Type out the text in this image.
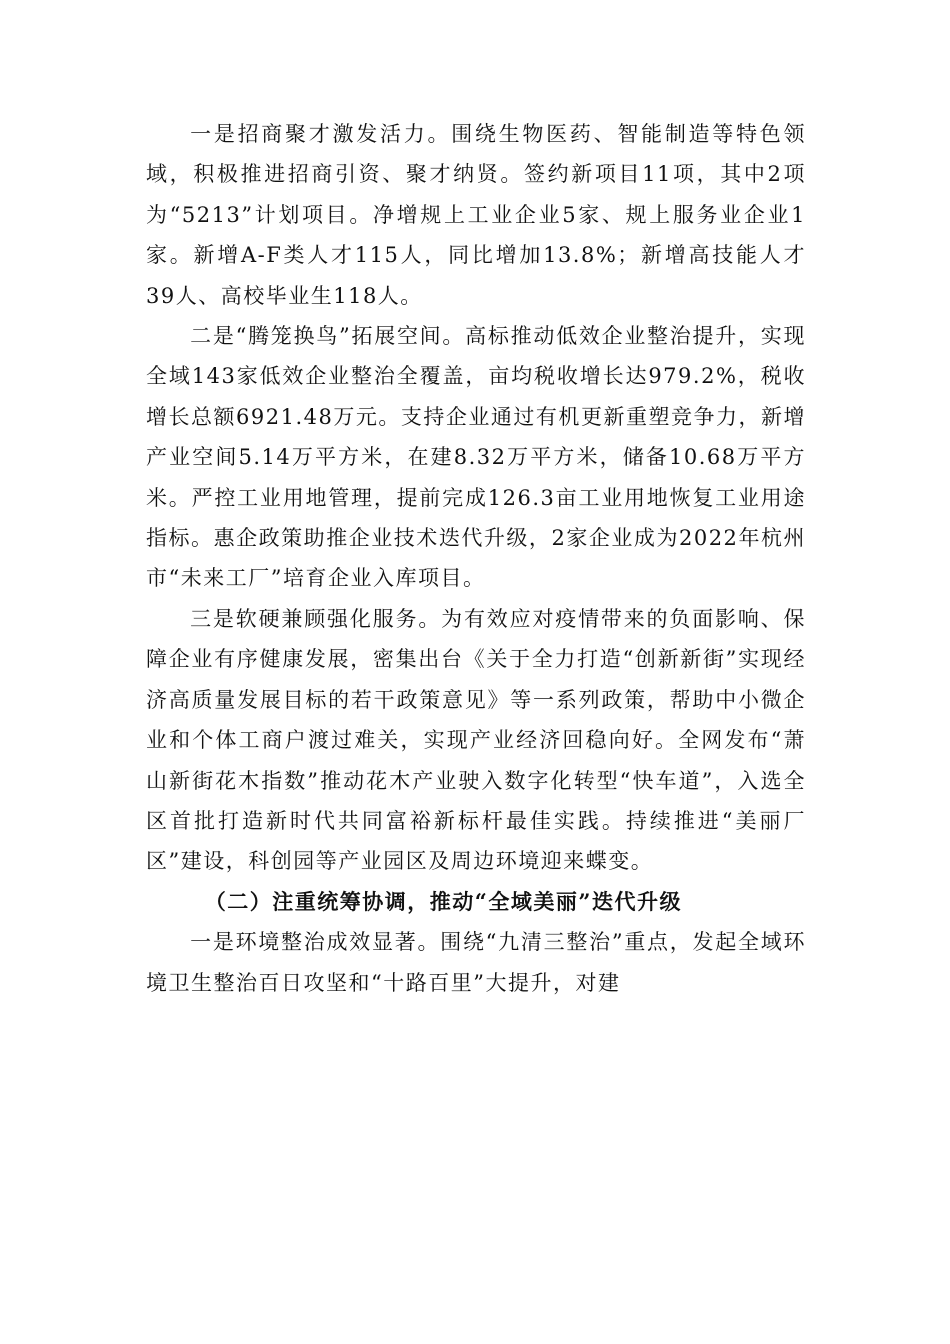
一是招商聚才激发活力。围绕生物医药、智能制造等特色领域，积极推进招商引资、聚才纳贤。签约新项目11项，其中2项为“5213”计划项目。净增规上工业企业5家、规上服务业企业1家。新增A-F类人才115人，同比增加13.8%；新增高技能人才39人、高校毕业生118人。

二是“腾笼换鸟”拓展空间。高标推动低效企业整治提升，实现全域143家低效企业整治全覆盖，亩均税收增长达979.2%，税收增长总额6921.48万元。支持企业通过有机更新重塑竞争力，新增产业空间5.14万平方米，在建8.32万平方米，储备10.68万平方米。严控工业用地管理，提前完成126.3亩工业用地恢复工业用途指标。惠企政策助推企业技术迭代升级，2家企业成为2022年杭州市“未来工厂”培育企业入库项目。

三是软硬兼顾强化服务。为有效应对疫情带来的负面影响、保障企业有序健康发展，密集出台《关于全力打造“创新新街”实现经济高质量发展目标的若干政策意见》等一系列政策，帮助中小微企业和个体工商户渡过难关，实现产业经济回稳向好。全网发布“萧山新街花木指数”推动花木产业驶入数字化转型“快车道”，入选全区首批打造新时代共同富裕新标杆最佳实践。持续推进“美丽厂区”建设，科创园等产业园区及周边环境迎来蝶变。

（二）注重统筹协调，推动“全域美丽”迭代升级

一是环境整治成效显著。围绕“九清三整治”重点，发起全域环境卫生整治百日攻坚和“十路百里”大提升，对建
